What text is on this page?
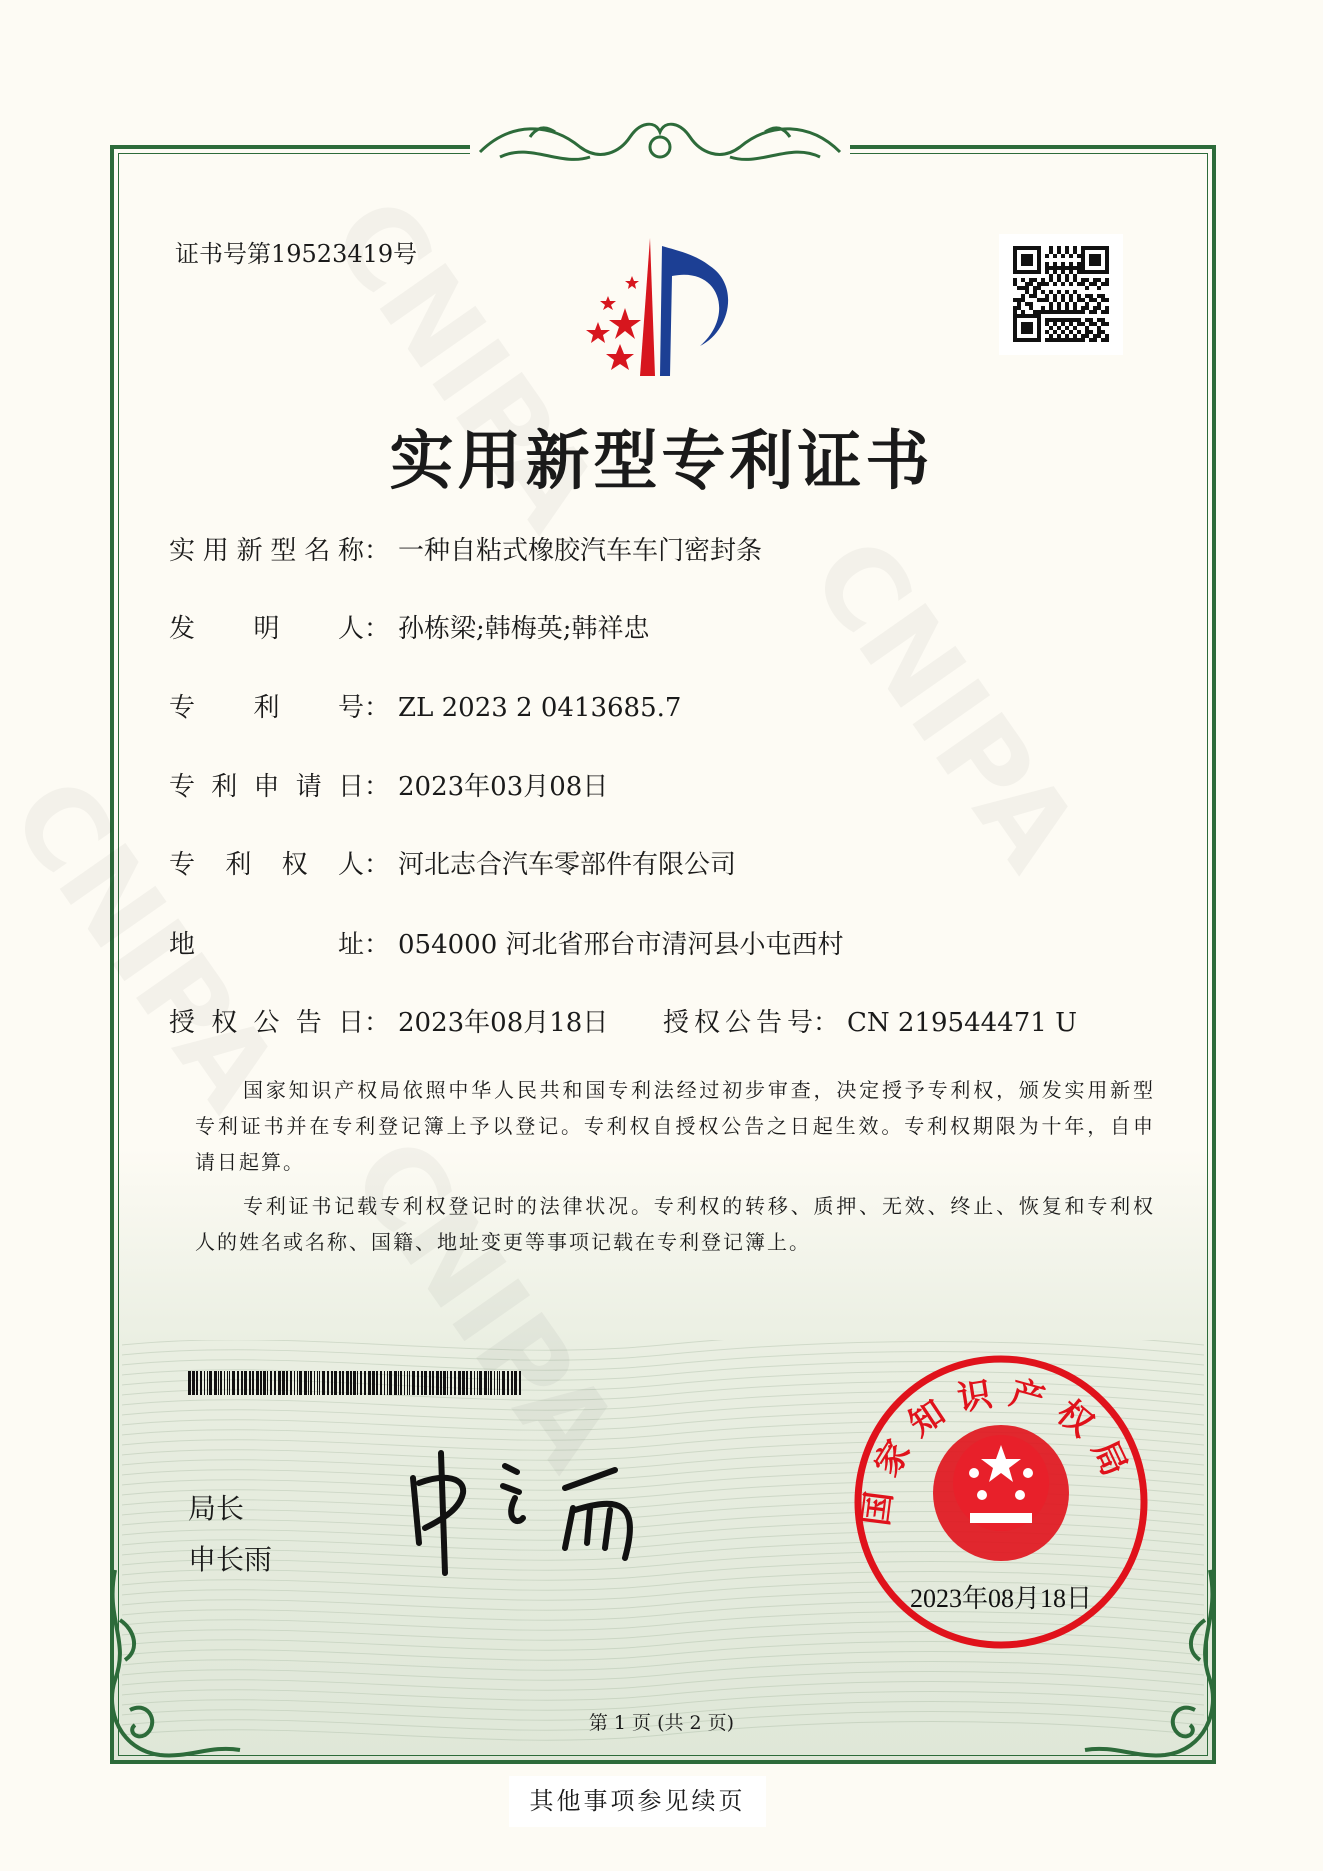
证书号第19523419号
实用新型专利证书
实用新型名称： 一种自粘式橡胶汽车车门密封条
发明人： 孙栋梁;韩梅英;韩祥忠
专利号： ZL 2023 2 0413685.7
专利申请日： 2023年03月08日
专利权人： 河北志合汽车零部件有限公司
地址： 054000 河北省邢台市清河县小屯西村
授权公告日： 2023年08月18日 授权公告号： CN 219544471 U
国家知识产权局依照中华人民共和国专利法经过初步审查，决定授予专利权，颁发实用新型
专利证书并在专利登记簿上予以登记。专利权自授权公告之日起生效。专利权期限为十年，自申
请日起算。
专利证书记载专利权登记时的法律状况。专利权的转移、质押、无效、终止、恢复和专利权
人的姓名或名称、国籍、地址变更等事项记载在专利登记簿上。
局长
申长雨
国家知识产权局
2023年08月18日
第 1 页 (共 2 页)
其他事项参见续页
